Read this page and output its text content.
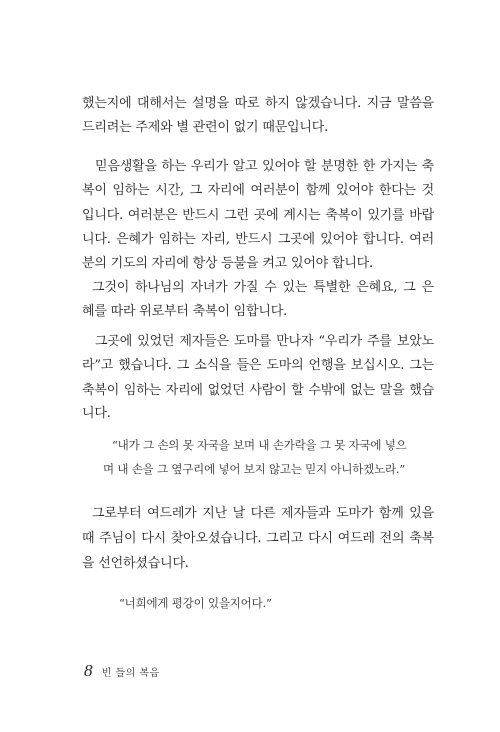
했는지에 대해서는 설명을 따로 하지 않겠습니다. 지금 말씀을
드리려는 주제와 별 관련이 없기 때문입니다.
믿음생활을 하는 우리가 알고 있어야 할 분명한 한 가지는 축
복이 임하는 시간, 그 자리에 여러분이 함께 있어야 한다는 것
입니다. 여러분은 반드시 그런 곳에 계시는 축복이 있기를 바랍
니다. 은혜가 임하는 자리, 반드시 그곳에 있어야 합니다. 여러
분의 기도의 자리에 항상 등불을 켜고 있어야 합니다.
그것이 하나님의 자녀가 가질 수 있는 특별한 은혜요, 그 은
혜를 따라 위로부터 축복이 임합니다.
그곳에 있었던 제자들은 도마를 만나자 “우리가 주를 보았노
라”고 했습니다. 그 소식을 들은 도마의 언행을 보십시오. 그는
축복이 임하는 자리에 없었던 사람이 할 수밖에 없는 말을 했습
니다.
“내가 그 손의 못 자국을 보며 내 손가락을 그 못 자국에 넣으
며 내 손을 그 옆구리에 넣어 보지 않고는 믿지 아니하겠노라.”
그로부터 여드레가 지난 날 다른 제자들과 도마가 함께 있을
때 주님이 다시 찾아오셨습니다. 그리고 다시 여드레 전의 축복
을 선언하셨습니다.
“너희에게 평강이 있을지어다.”
8 빈 들의 복음
